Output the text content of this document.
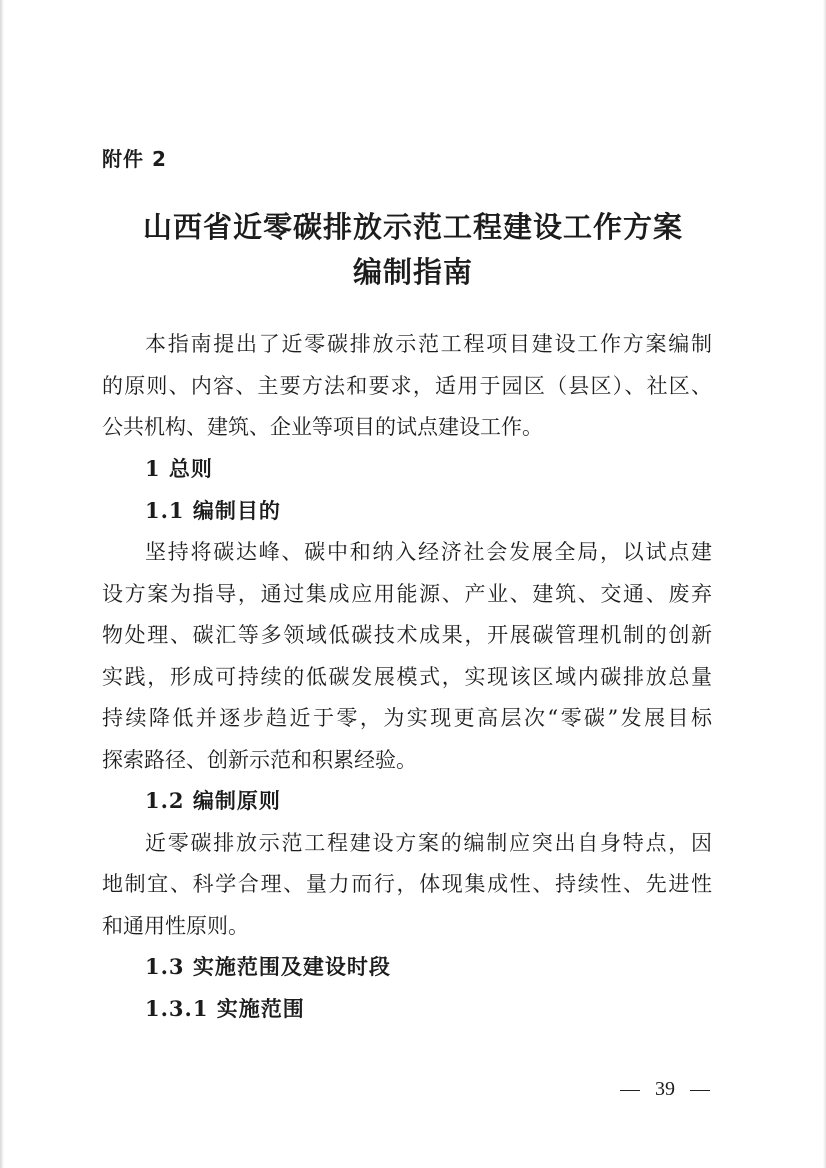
附件 2
山西省近零碳排放示范工程建设工作方案
编制指南
本指南提出了近零碳排放示范工程项目建设工作方案编制
的原则、内容、主要方法和要求，适用于园区（县区）、社区、
公共机构、建筑、企业等项目的试点建设工作。
1 总则
1.1 编制目的
坚持将碳达峰、碳中和纳入经济社会发展全局，以试点建
设方案为指导，通过集成应用能源、产业、建筑、交通、废弃
物处理、碳汇等多领域低碳技术成果，开展碳管理机制的创新
实践，形成可持续的低碳发展模式，实现该区域内碳排放总量
持续降低并逐步趋近于零，为实现更高层次“零碳”发展目标
探索路径、创新示范和积累经验。
1.2 编制原则
近零碳排放示范工程建设方案的编制应突出自身特点，因
地制宜、科学合理、量力而行，体现集成性、持续性、先进性
和通用性原则。
1.3 实施范围及建设时段
1.3.1 实施范围
39
